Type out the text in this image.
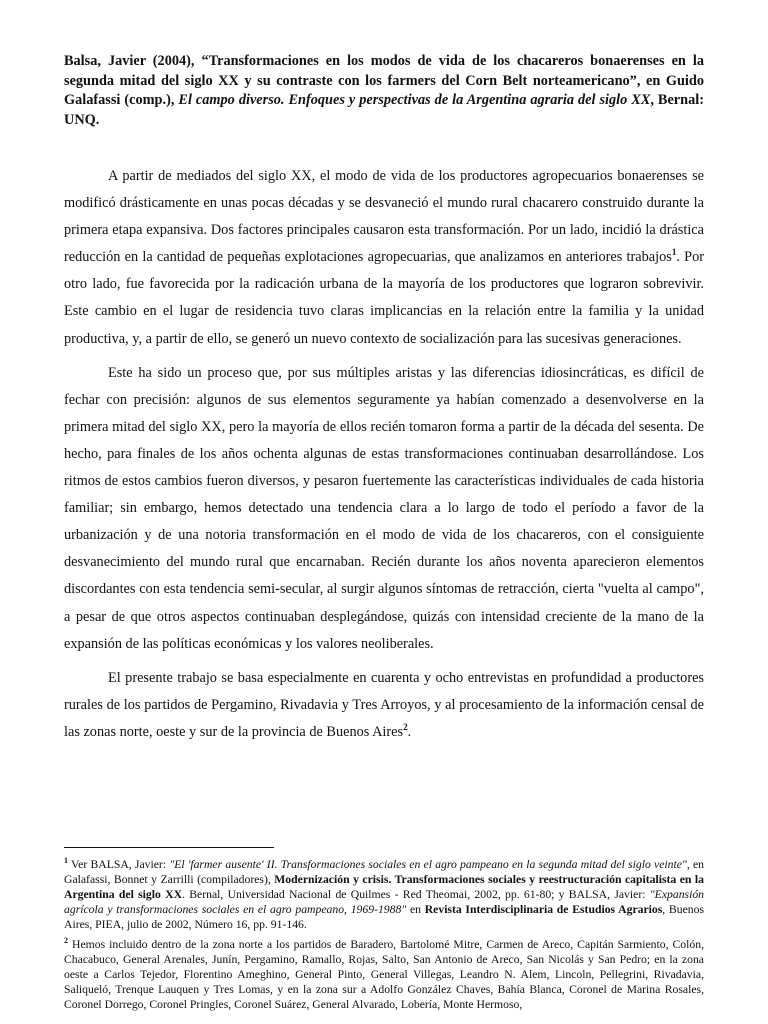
Balsa, Javier (2004), “Transformaciones en los modos de vida de los chacareros bonaerenses en la segunda mitad del siglo XX y su contraste con los farmers del Corn Belt norteamericano”, en Guido Galafassi (comp.), El campo diverso. Enfoques y perspectivas de la Argentina agraria del siglo XX, Bernal: UNQ.

A partir de mediados del siglo XX, el modo de vida de los productores agropecuarios bonaerenses se modificó drásticamente en unas pocas décadas y se desvaneció el mundo rural chacarero construido durante la primera etapa expansiva. Dos factores principales causaron esta transformación. Por un lado, incidió la drástica reducción en la cantidad de pequeñas explotaciones agropecuarias, que analizamos en anteriores trabajos$^1$. Por otro lado, fue favorecida por la radicación urbana de la mayoría de los productores que lograron sobrevivir. Este cambio en el lugar de residencia tuvo claras implicancias en la relación entre la familia y la unidad productiva, y, a partir de ello, se generó un nuevo contexto de socialización para las sucesivas generaciones.

Este ha sido un proceso que, por sus múltiples aristas y las diferencias idiosincráticas, es difícil de fechar con precisión: algunos de sus elementos seguramente ya habían comenzado a desenvolverse en la primera mitad del siglo XX, pero la mayoría de ellos recién tomaron forma a partir de la década del sesenta. De hecho, para finales de los años ochenta algunas de estas transformaciones continuaban desarrollándose. Los ritmos de estos cambios fueron diversos, y pesaron fuertemente las características individuales de cada historia familiar; sin embargo, hemos detectado una tendencia clara a lo largo de todo el período a favor de la urbanización y de una notoria transformación en el modo de vida de los chacareros, con el consiguiente desvanecimiento del mundo rural que encarnaban. Recién durante los años noventa aparecieron elementos discordantes con esta tendencia semi-secular, al surgir algunos síntomas de retracción, cierta "vuelta al campo", a pesar de que otros aspectos continuaban desplegándose, quizás con intensidad creciente de la mano de la expansión de las políticas económicas y los valores neoliberales.

El presente trabajo se basa especialmente en cuarenta y ocho entrevistas en profundidad a productores rurales de los partidos de Pergamino, Rivadavia y Tres Arroyos, y al procesamiento de la información censal de las zonas norte, oeste y sur de la provincia de Buenos Aires$^2$.

$^1$ Ver BALSA, Javier: "El 'farmer ausente' II. Transformaciones sociales en el agro pampeano en la segunda mitad del siglo veinte", en Galafassi, Bonnet y Zarrilli (compiladores), Modernización y crisis. Transformaciones sociales y reestructuración capitalista en la Argentina del siglo XX. Bernal, Universidad Nacional de Quilmes - Red Theomai, 2002, pp. 61-80; y BALSA, Javier: "Expansión agrícola y transformaciones sociales en el agro pampeano, 1969-1988" en Revista Interdisciplinaria de Estudios Agrarios, Buenos Aires, PIEA, julio de 2002, Número 16, pp. 91-146.

$^2$ Hemos incluido dentro de la zona norte a los partidos de Baradero, Bartolomé Mitre, Carmen de Areco, Capitán Sarmiento, Colón, Chacabuco, General Arenales, Junín, Pergamino, Ramallo, Rojas, Salto, San Antonio de Areco, San Nicolás y San Pedro; en la zona oeste a Carlos Tejedor, Florentino Ameghino, General Pinto, General Villegas, Leandro N. Alem, Lincoln, Pellegrini, Rivadavia, Saliqueló, Trenque Lauquen y Tres Lomas, y en la zona sur a Adolfo González Chaves, Bahía Blanca, Coronel de Marina Rosales, Coronel Dorrego, Coronel Pringles, Coronel Suárez, General Alvarado, Lobería, Monte Hermoso,
